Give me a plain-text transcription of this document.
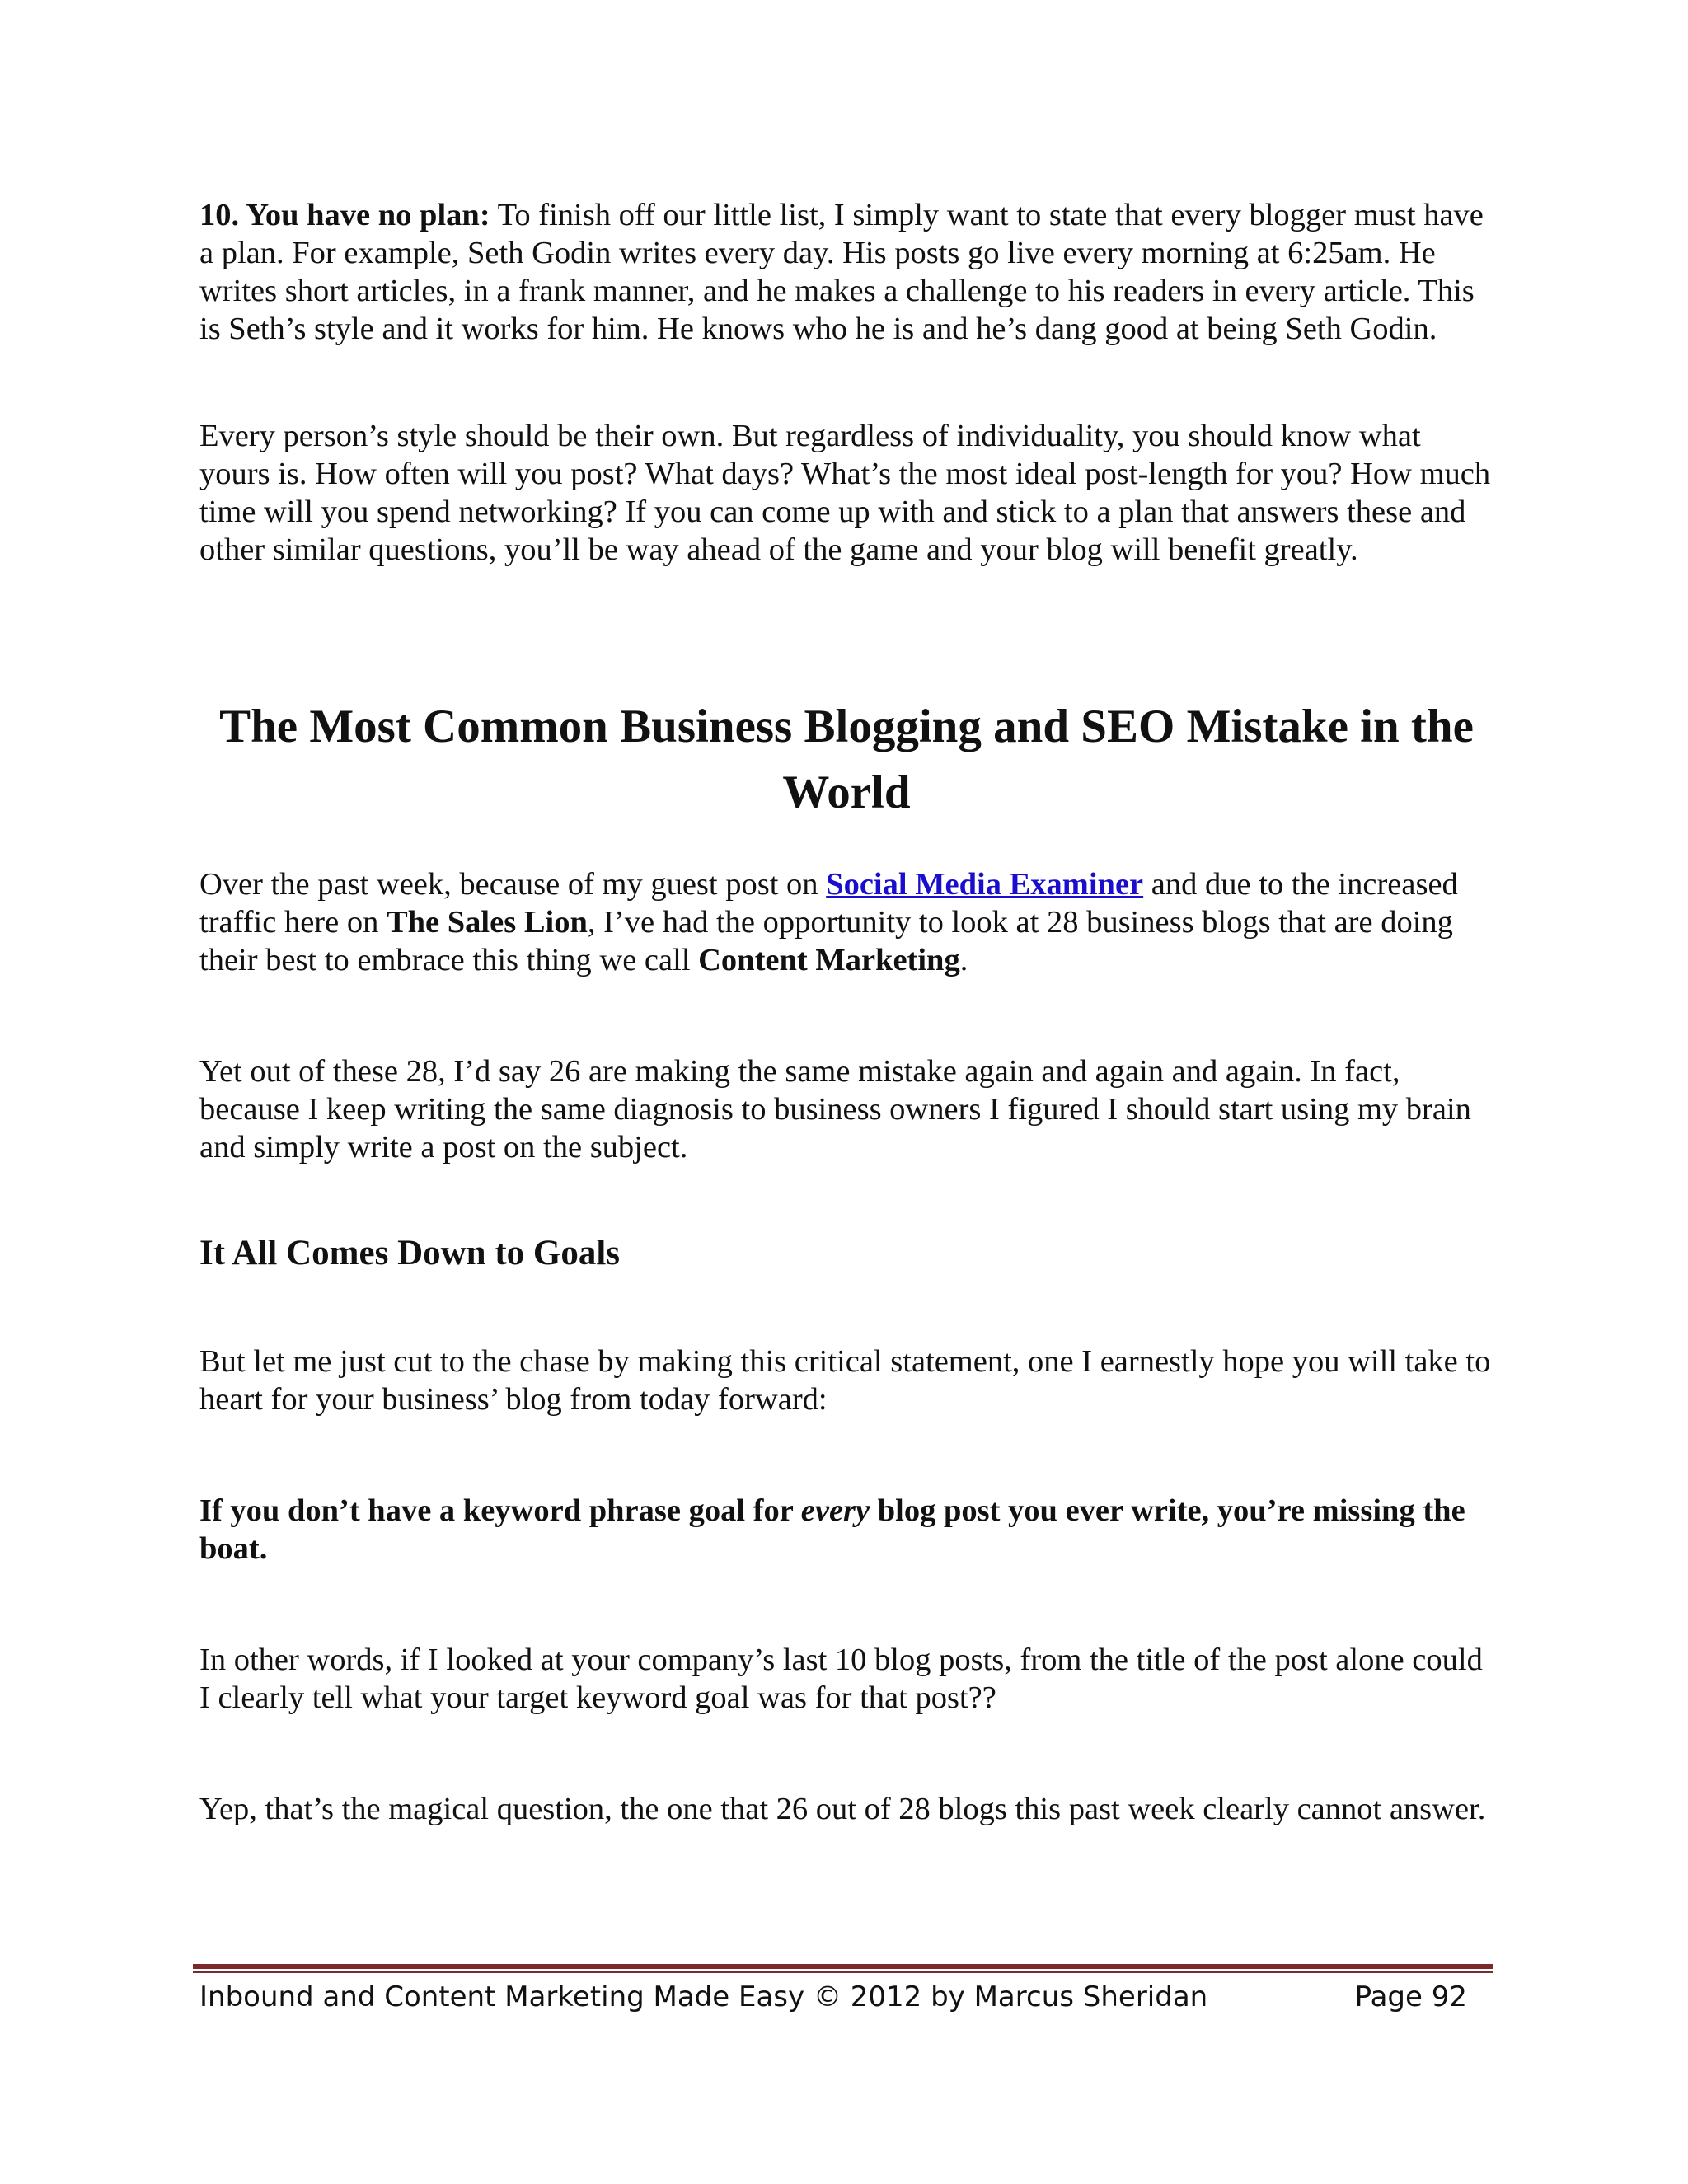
10. You have no plan: To finish off our little list, I simply want to state that every blogger must have a plan. For example, Seth Godin writes every day. His posts go live every morning at 6:25am. He writes short articles, in a frank manner, and he makes a challenge to his readers in every article. This is Seth’s style and it works for him. He knows who he is and he’s dang good at being Seth Godin.

Every person’s style should be their own. But regardless of individuality, you should know what yours is. How often will you post? What days? What’s the most ideal post-length for you? How much time will you spend networking? If you can come up with and stick to a plan that answers these and other similar questions, you’ll be way ahead of the game and your blog will benefit greatly.

The Most Common Business Blogging and SEO Mistake in the World

Over the past week, because of my guest post on Social Media Examiner and due to the increased traffic here on The Sales Lion, I’ve had the opportunity to look at 28 business blogs that are doing their best to embrace this thing we call Content Marketing.

Yet out of these 28, I’d say 26 are making the same mistake again and again and again. In fact, because I keep writing the same diagnosis to business owners I figured I should start using my brain and simply write a post on the subject.

It All Comes Down to Goals

But let me just cut to the chase by making this critical statement, one I earnestly hope you will take to heart for your business’ blog from today forward:

If you don’t have a keyword phrase goal for every blog post you ever write, you’re missing the boat.

In other words, if I looked at your company’s last 10 blog posts, from the title of the post alone could I clearly tell what your target keyword goal was for that post??

Yep, that’s the magical question, the one that 26 out of 28 blogs this past week clearly cannot answer.

Inbound and Content Marketing Made Easy © 2012 by Marcus Sheridan	Page 92
